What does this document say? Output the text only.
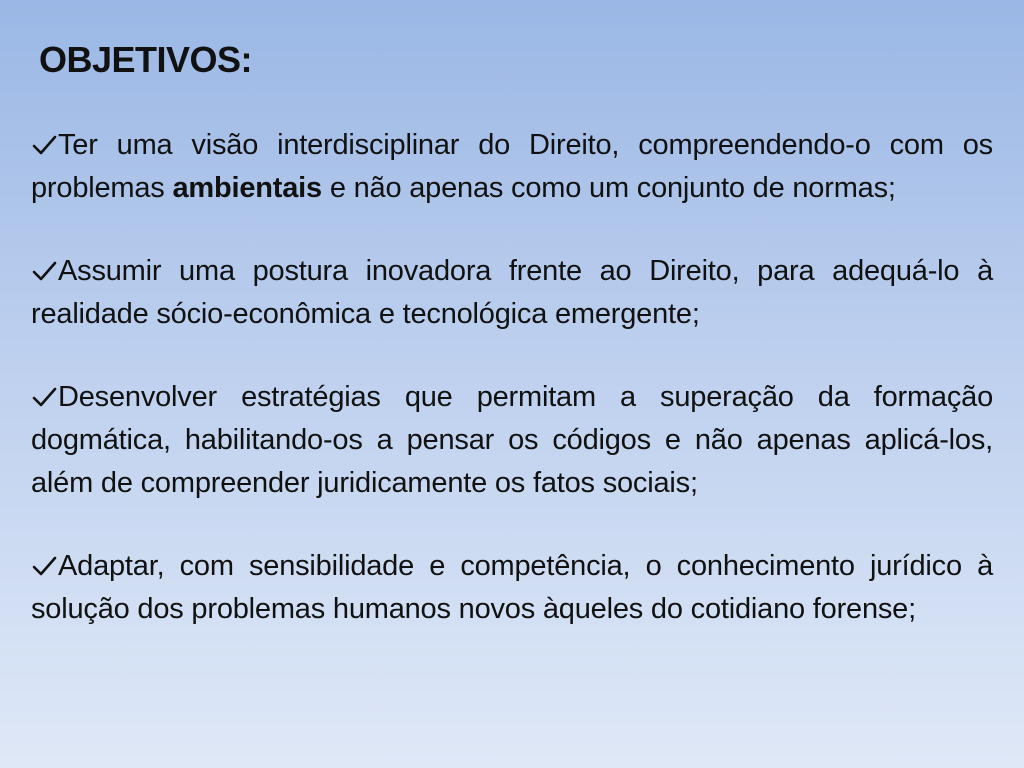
OBJETIVOS:

Ter uma visão interdisciplinar do Direito, compreendendo-o com os problemas ambientais e não apenas como um conjunto de normas;

Assumir uma postura inovadora frente ao Direito, para adequá-lo à realidade sócio-econômica e tecnológica emergente;

Desenvolver estratégias que permitam a superação da formação dogmática, habilitando-os a pensar os códigos e não apenas aplicá-los, além de compreender juridicamente os fatos sociais;

Adaptar, com sensibilidade e competência, o conhecimento jurídico à solução dos problemas humanos novos àqueles do cotidiano forense;
